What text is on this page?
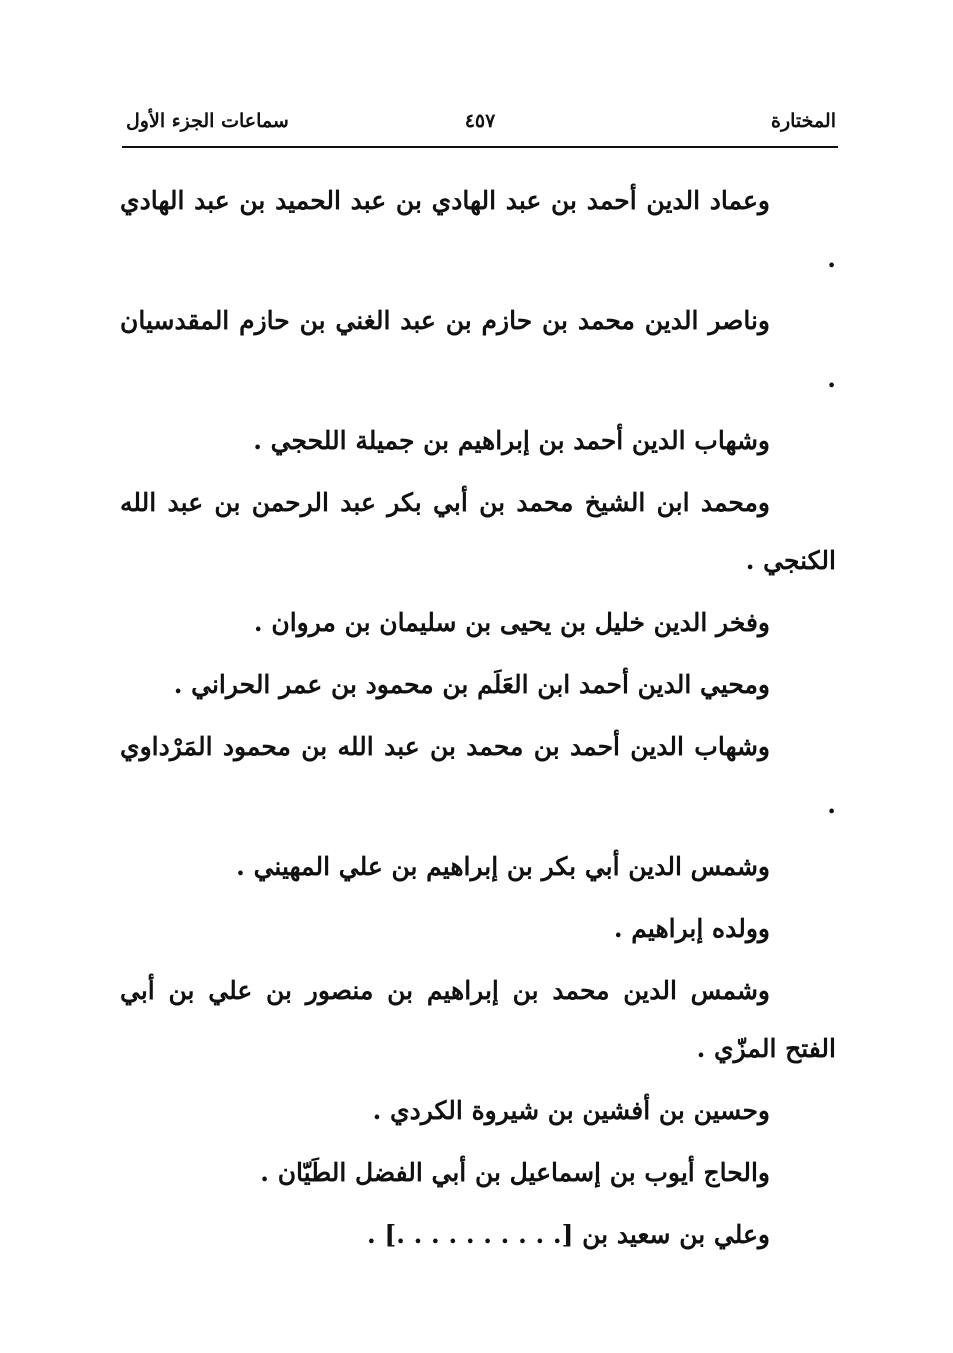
المختارة
٤٥٧
سماعات الجزء الأول

وعماد الدين أحمد بن عبد الهادي بن عبد الحميد بن عبد الهادي .

وناصر الدين محمد بن حازم بن عبد الغني بن حازم المقدسيان .

وشهاب الدين أحمد بن إبراهيم بن جميلة اللحجي .

ومحمد ابن الشيخ محمد بن أبي بكر عبد الرحمن بن عبد الله الكنجي .

وفخر الدين خليل بن يحيى بن سليمان بن مروان .

ومحيي الدين أحمد ابن العَلَم بن محمود بن عمر الحراني .

وشهاب الدين أحمد بن محمد بن عبد الله بن محمود المَرْداوي .

وشمس الدين أبي بكر بن إبراهيم بن علي المهيني .

وولده إبراهيم .

وشمس الدين محمد بن إبراهيم بن منصور بن علي بن أبي الفتح المزّي .

وحسين بن أفشين بن شيروة الكردي .

والحاج أيوب بن إسماعيل بن أبي الفضل الطَيّان .

وعلي بن سعيد بن [. . . . . . . . . .] .
